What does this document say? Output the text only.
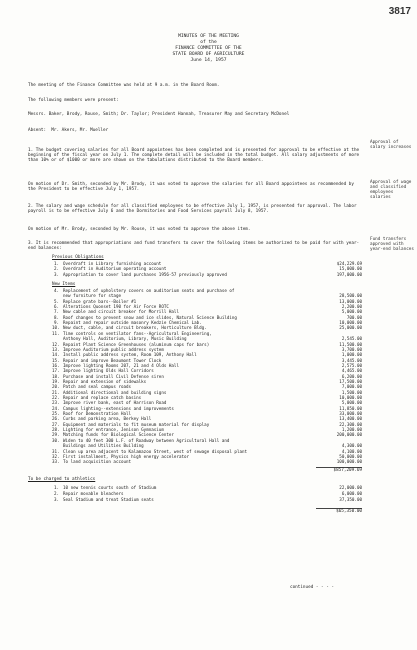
3817
MINUTES OF THE MEETING
of the
FINANCE COMMITTEE OF THE
STATE BOARD OF AGRICULTURE
June 14, 1957
The meeting of the Finance Committee was held at 9 a.m. in the Board Room.
The following members were present:
Messrs. Baker, Brody, Rouse, Smith; Dr. Taylor; President Hannah, Treasurer May and Secretary McDonel
Absent:  Mr. Akers, Mr. Mueller
1. The budget covering salaries for all Board appointees has been completed and is presented for approval to be effective at the beginning of the fiscal year on July 1. The complete detail will be included in the total budget. All salary adjustments of more than 10% or of $1000 or more are shown on the tabulations distributed to the Board members.
On motion of Dr. Smith, seconded by Mr. Brody, it was voted to approve the salaries for all Board appointees as recommended by the President to be effective July 1, 1957.
2. The salary and wage schedule for all classified employees to be effective July 1, 1957, is presented for approval. The labor payroll is to be effective July 6 and the Dormitories and Food Services payroll July 8, 1957.
On motion of Mr. Brody, seconded by Mr. Rouse, it was voted to approve the above item.
3. It is recommended that appropriations and fund transfers to cover the following items be authorized to be paid for with year-end balances:
Approval of salary increases
Approval of wage and classified employees salaries
Fund transfers approved with year-end balances
Previous Obligations
1. Overdraft in Library furnishing account	$24,229.69
2. Overdraft in Auditorium operating account	15,000.00
3. Appropriation to cover land purchases 1956-57 previously approved	197,000.00
New Items
4. Replacement of upholstery covers on auditorium seats and purchase of
new furniture for stage	28,500.00
5. Replace grate bars--Boiler #1	13,000.00
6. Alterations Quonset 190 for Air Force ROTC	2,200.00
7. New cable and circuit breaker for Morrill Hall	5,000.00
8. Roof changes to prevent snow and ice slides, Natural Science Building	700.00
9. Repaint and repair outside masonry Kedzie Chemical Lab.	10,000.00
10. New duct, cable, and circuit breakers, Horticulture Bldg.	25,000.00
11. Time controls on ventilator fans--Agricultural Engineering,
Anthony Hall, Auditorium, Library, Music Building	2,545.00
12. Repaint Plant Science Greenhouses (aluminum caps for bars)	11,500.00
13. Improve Auditorium public address system	3,700.00
14. Install public address system, Room 109, Anthony Hall	1,000.00
15. Repair and improve Beaumont Tower Clock	3,445.00
16. Improve lighting Rooms 207, 21 and 4 Olds Hall	2,575.00
17. Improve lighting Olds Hall Corridors	4,465.00
18. Purchase and install Civil Defense siren	6,200.00
19. Repair and extension of sidewalks	17,500.00
20. Patch and seal campus roads	7,000.00
21. Additional directional and building signs	1,500.00
22. Repair and replace catch basins	10,000.00
23. Improve river bank, east of Harrison Road	5,000.00
24. Campus lighting--extensions and improvements	11,850.00
25. Roof for Demonstration Hall	33,000.00
26. Curbs and parking area, Berkey Hall	13,400.00
27. Equipment and materials to fit museum material for display	22,300.00
28. Lighting for entrance, Jenison Gymnasium	1,200.00
29. Matching funds for Biological Science Center	200,000.00
30. Widen to 40 feet 300 L.F. of Roadway between Agricultural Hall and
Buildings and Utilities Building	4,300.00
31. Clean up area adjacent to Kalamazoo Street, west of sewage disposal plant	4,100.00
32. First installment, Physics high energy accelerator	50,000.00
33. To land acquisition account	100,000.00
$857,209.69
To be charged to athletics
1. 10 new tennis courts south of Stadium	22,000.00
2. Repair movable bleachers	6,000.00
3. Seal Stadium and treat Stadium seats	37,350.00
$65,350.00
continued - - - -
